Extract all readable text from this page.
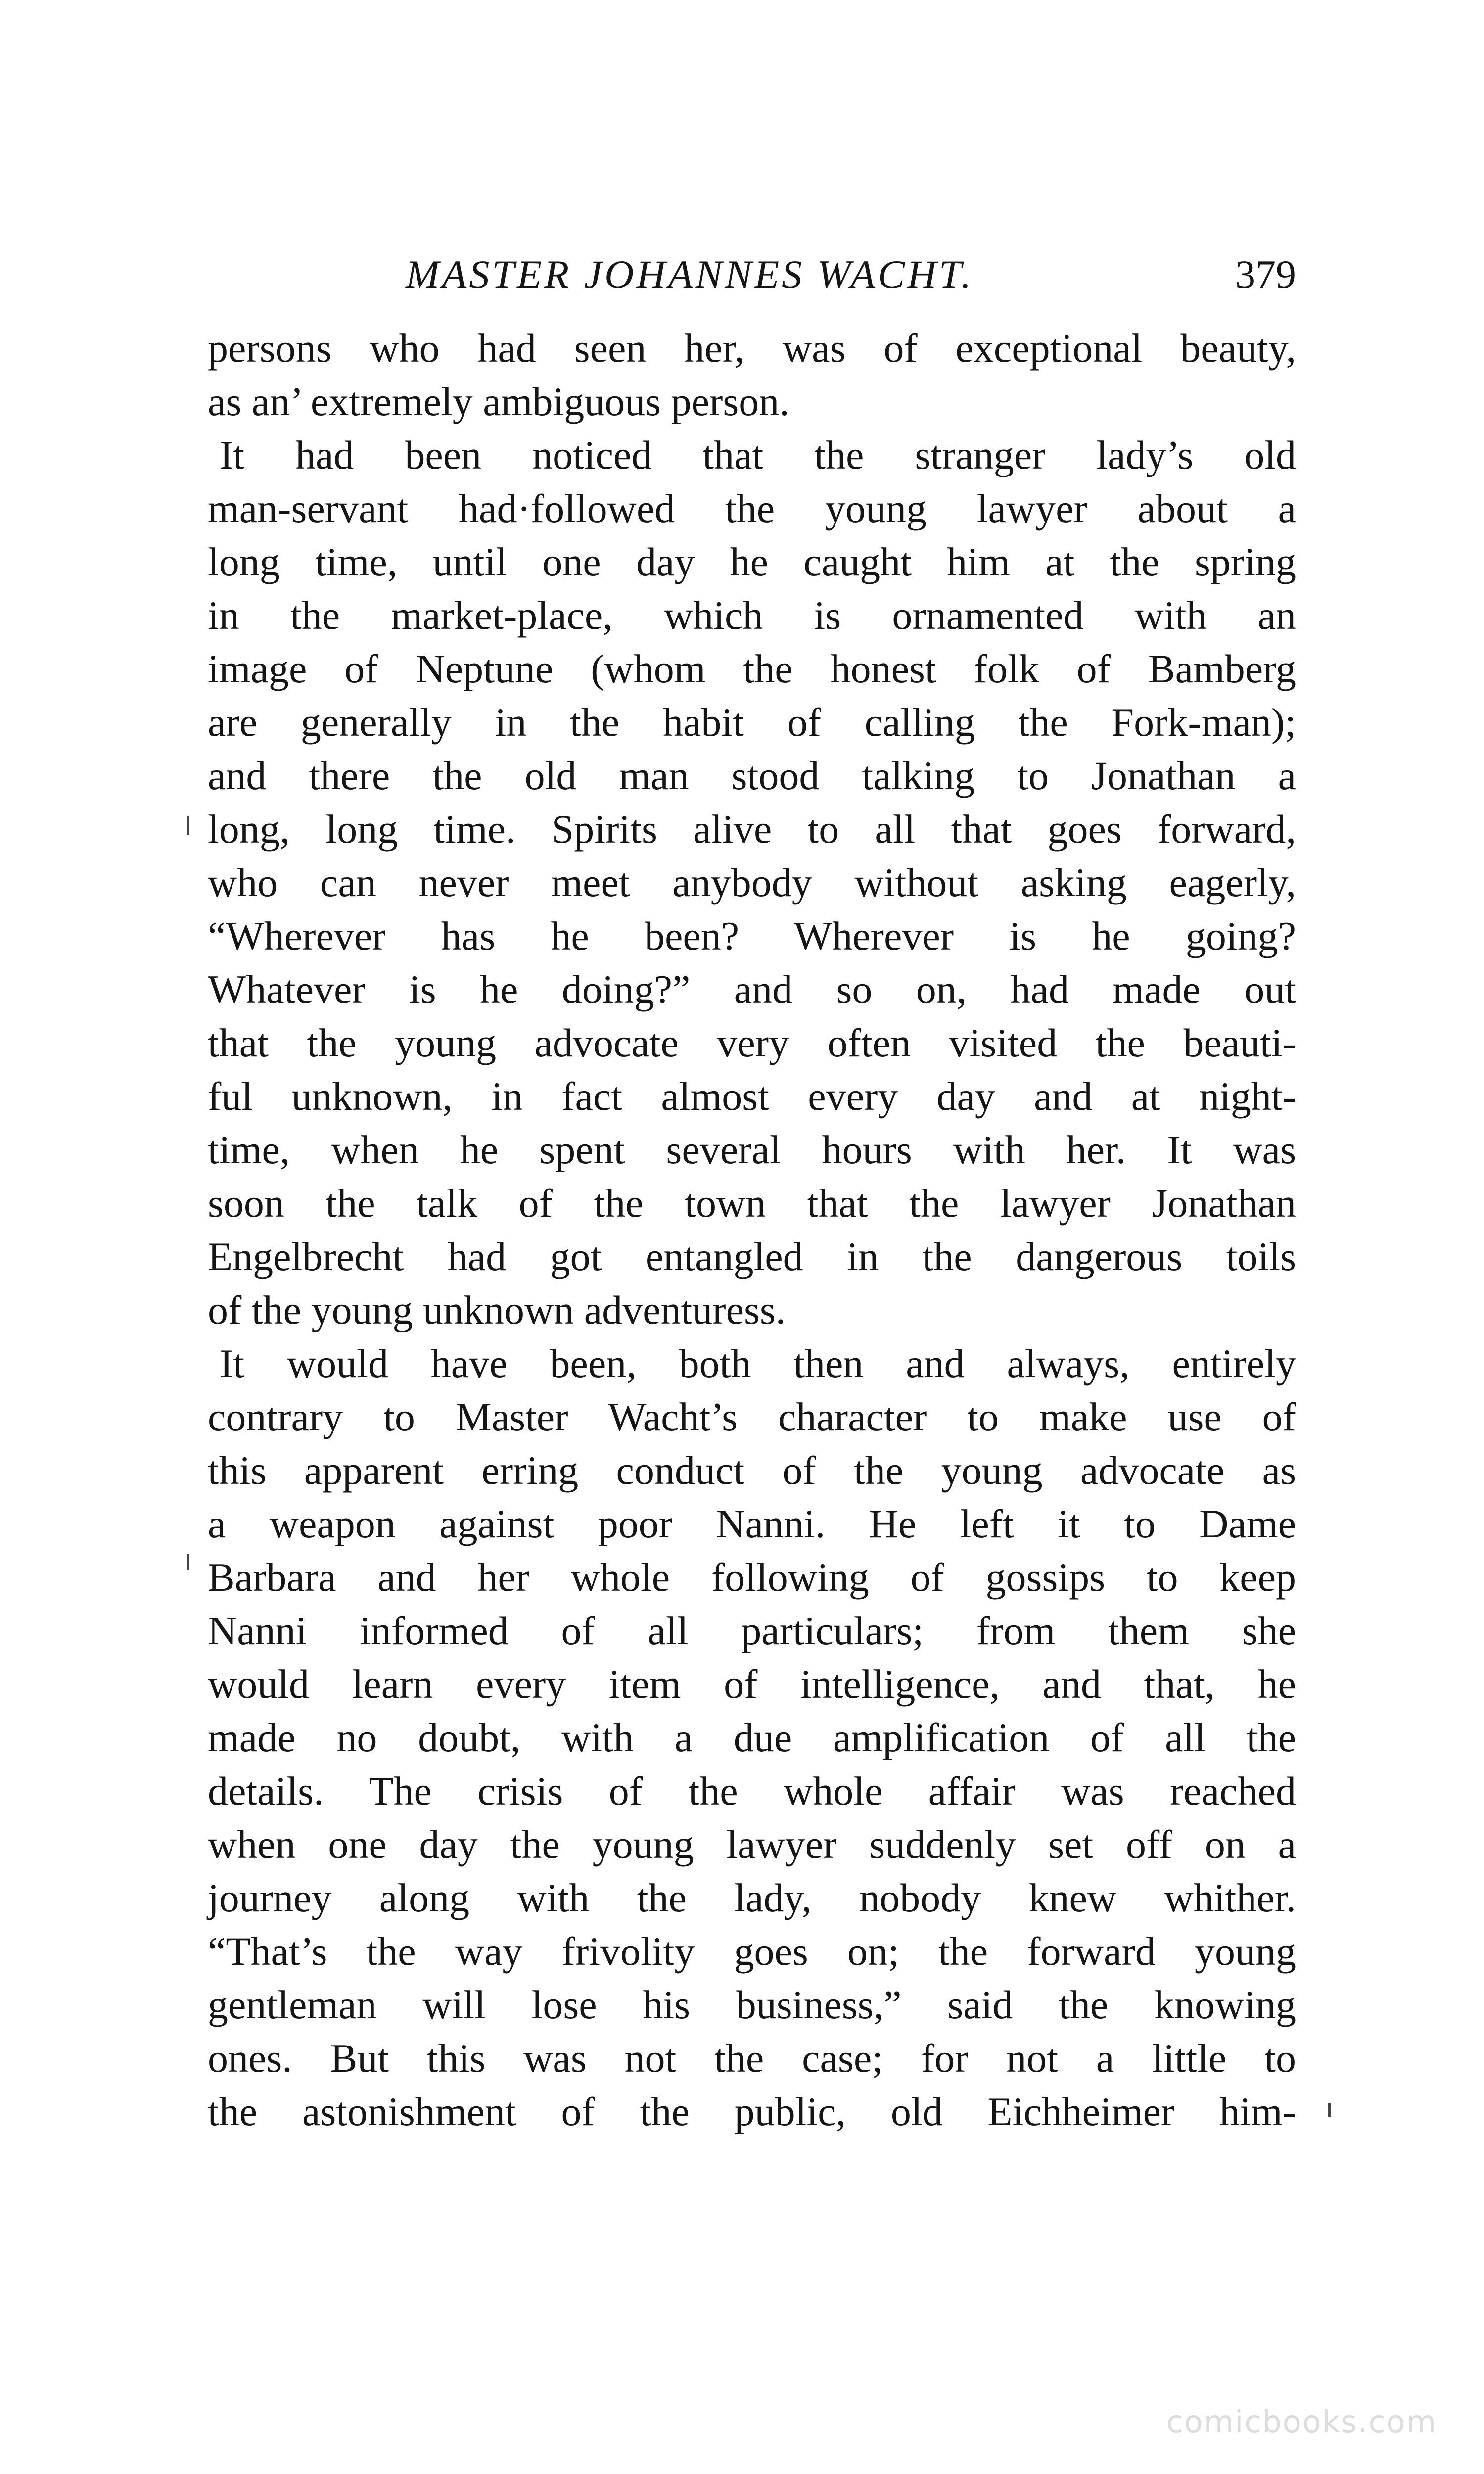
MASTER JOHANNES WACHT.	379
persons who had seen her, was of exceptional beauty,
as an’ extremely ambiguous person.
It had been noticed that the stranger lady’s old
man-servant had·followed the young lawyer about a
long time, until one day he caught him at the spring
in the market-place, which is ornamented with an
image of Neptune (whom the honest folk of Bamberg
are generally in the habit of calling the Fork-man);
and there the old man stood talking to Jonathan a
long, long time. Spirits alive to all that goes forward,
who can never meet anybody without asking eagerly,
“Wherever has he been? Wherever is he going?
Whatever is he doing?” and so on, had made out
that the young advocate very often visited the beauti-
ful unknown, in fact almost every day and at night-
time, when he spent several hours with her. It was
soon the talk of the town that the lawyer Jonathan
Engelbrecht had got entangled in the dangerous toils
of the young unknown adventuress.
It would have been, both then and always, entirely
contrary to Master Wacht’s character to make use of
this apparent erring conduct of the young advocate as
a weapon against poor Nanni. He left it to Dame
Barbara and her whole following of gossips to keep
Nanni informed of all particulars; from them she
would learn every item of intelligence, and that, he
made no doubt, with a due amplification of all the
details. The crisis of the whole affair was reached
when one day the young lawyer suddenly set off on a
journey along with the lady, nobody knew whither.
“That’s the way frivolity goes on; the forward young
gentleman will lose his business,” said the knowing
ones. But this was not the case; for not a little to
the astonishment of the public, old Eichheimer him-
comicbooks.com
